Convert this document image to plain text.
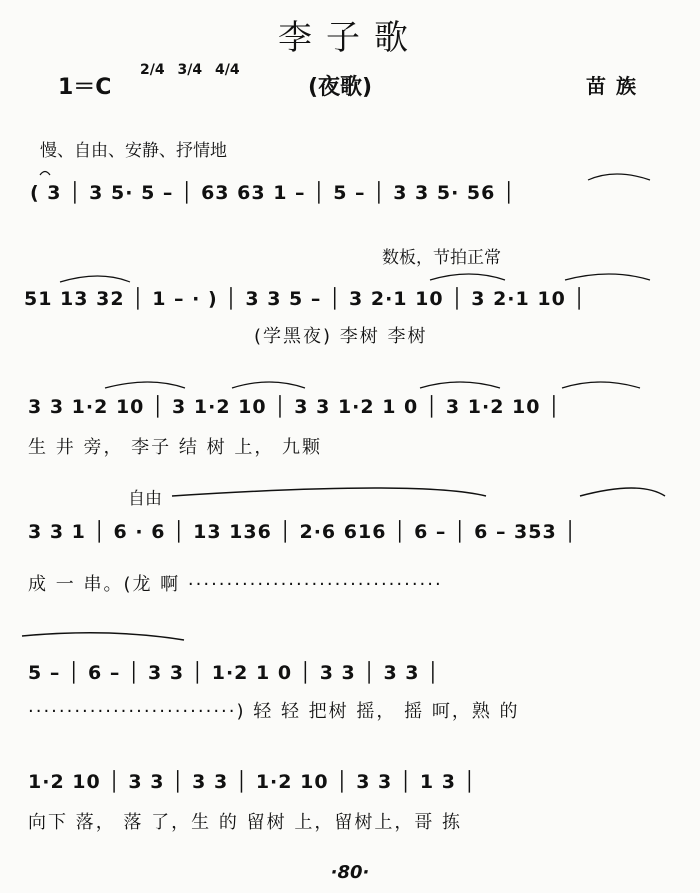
李子歌
1＝C
2/4 3/4 4/4
(夜歌)	苗族
慢、自由、安静、抒情地
( 3 │ 3 5· 5 – │ 63 63 1 – │ 5 – │ 3 3 5· 56 │
数板，节拍正常
51 13 32 │ 1 – · ) │ 3 3 5 – │ 3 2·1 10 │ 3 2·1 10 │
(学黑夜) 李树 李树
3 3 1·2 10 │ 3 1·2 10 │ 3 3 1·2 1 0 │ 3 1·2 10 │
生 井 旁， 李子 结 树 上， 九颗
自由
3 3 1 │ 6 · 6 │ 13 136 │ 2·6 616 │ 6 – │ 6 – 353 │
成 一 串。(龙 啊 ·································
5 – │ 6 – │ 3 3 │ 1·2 1 0 │ 3 3 │ 3 3 │
···························) 轻 轻 把树 摇， 摇 呵，熟 的
1·2 10 │ 3 3 │ 3 3 │ 1·2 10 │ 3 3 │ 1 3 │
向下 落， 落 了，生 的 留树 上，留树上，哥 拣
·80·
